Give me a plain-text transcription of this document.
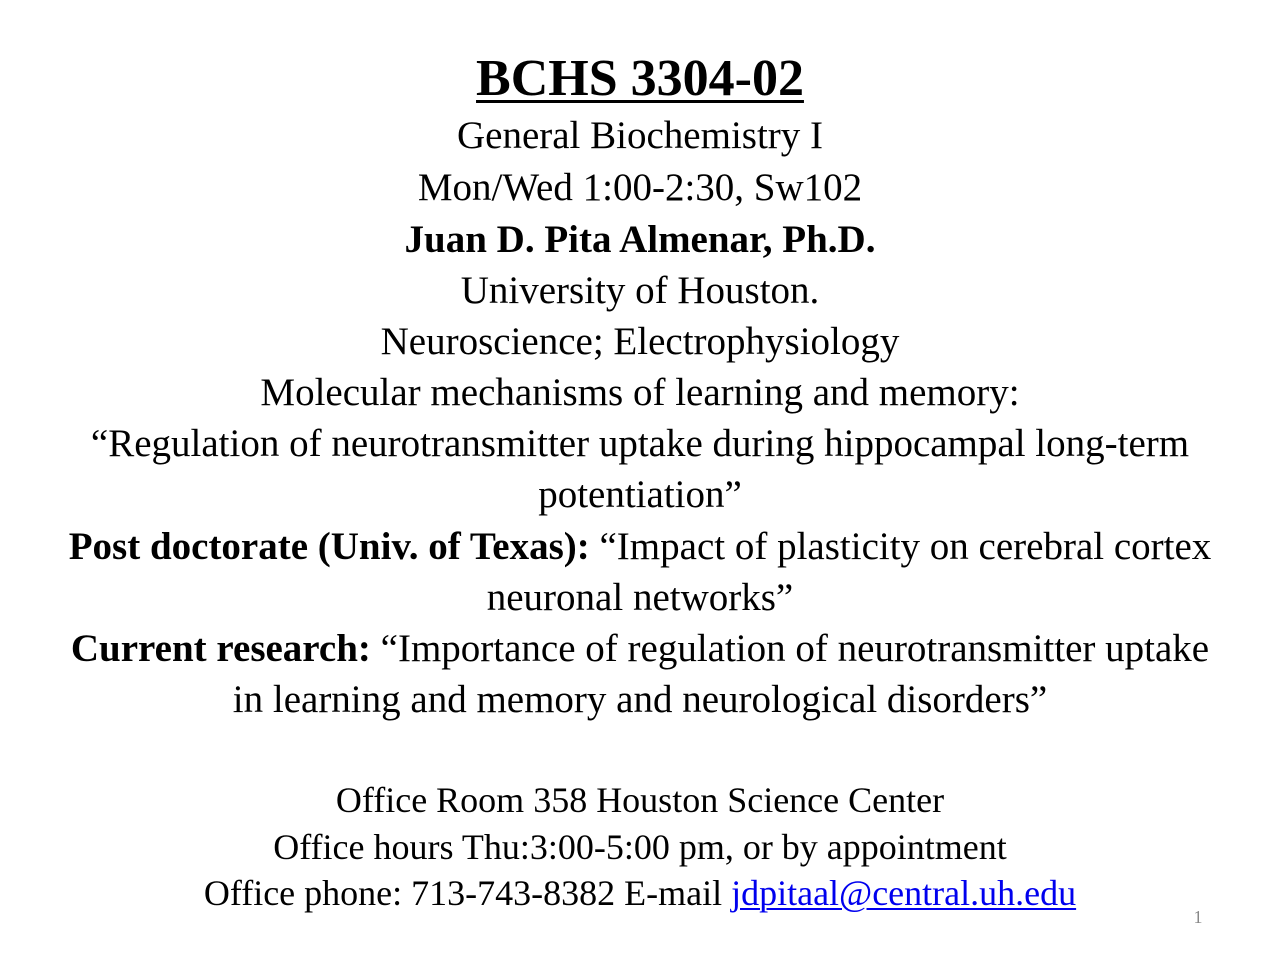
BCHS 3304-02
General Biochemistry I
Mon/Wed 1:00-2:30, Sw102
Juan D. Pita Almenar, Ph.D.
University of Houston.
Neuroscience; Electrophysiology
Molecular mechanisms of learning and memory:
“Regulation of neurotransmitter uptake during hippocampal long-term
potentiation”
Post doctorate (Univ. of Texas): “Impact of plasticity on cerebral cortex
neuronal networks”
Current research: “Importance of regulation of neurotransmitter uptake
in learning and memory and neurological disorders”
Office Room 358 Houston Science Center
Office hours Thu:3:00-5:00 pm, or by appointment
Office phone: 713-743-8382 E-mail jdpitaal@central.uh.edu
1
